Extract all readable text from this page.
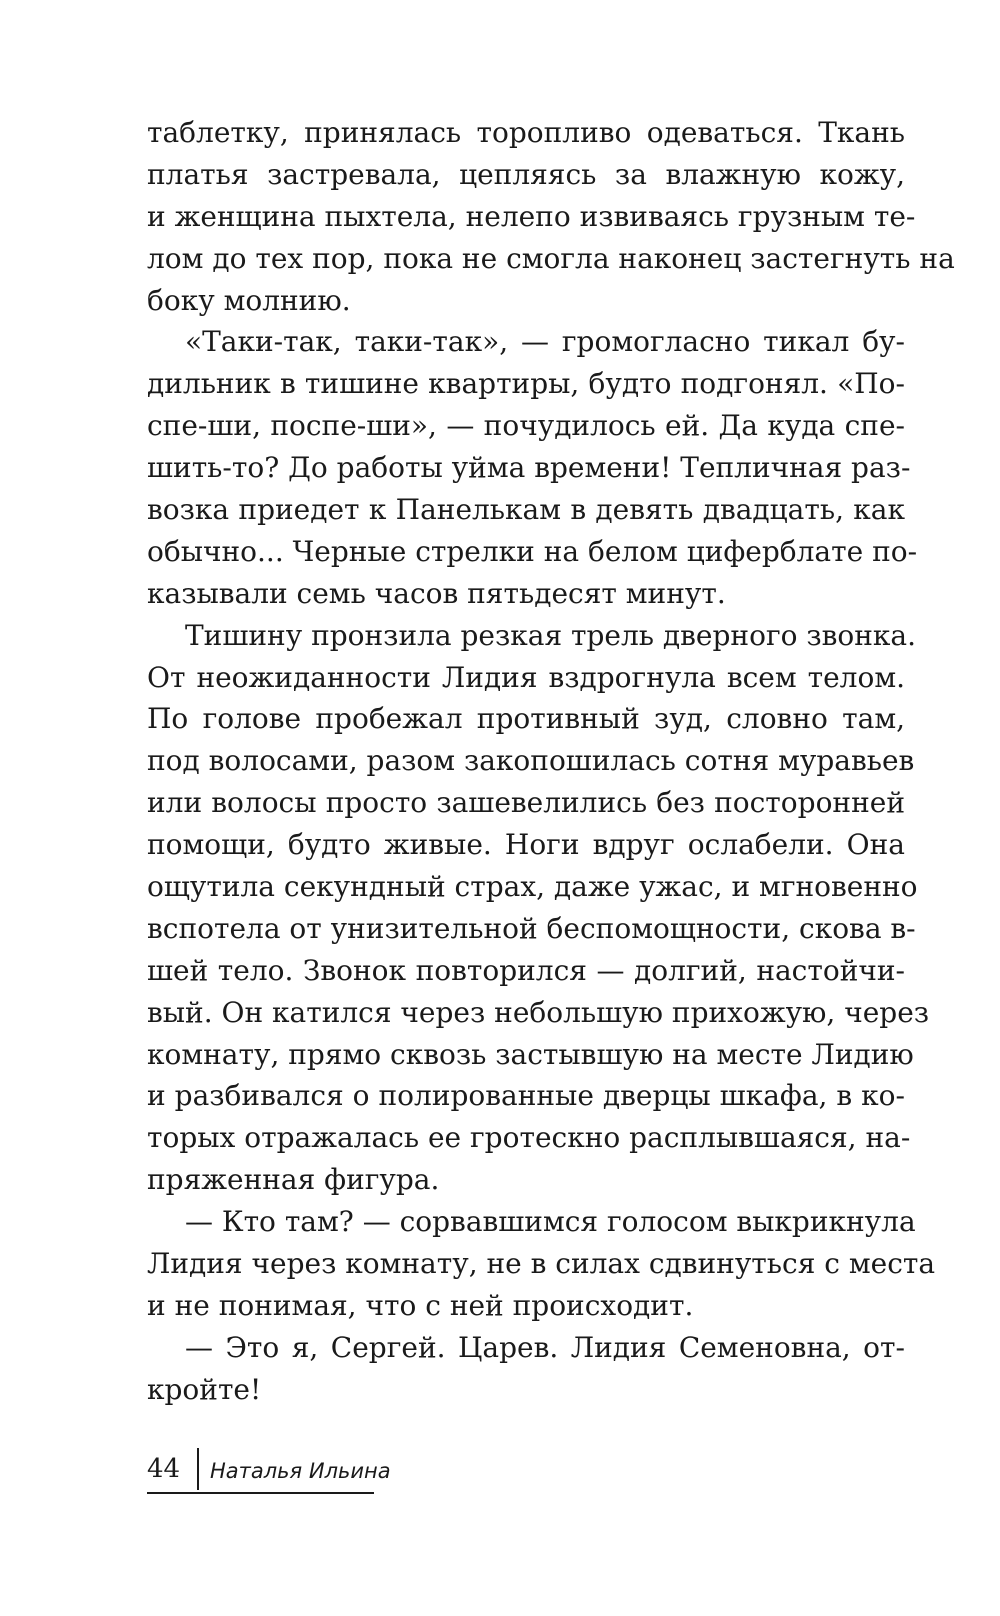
таблетку, принялась торопливо одеваться. Ткань
платья застревала, цепляясь за влажную кожу,
и женщина пыхтела, нелепо извиваясь грузным те-
лом до тех пор, пока не смогла наконец застегнуть на
боку молнию.
«Таки-так, таки-так», — громогласно тикал бу-
дильник в тишине квартиры, будто подгонял. «По-
спе-ши, поспе-ши», — почудилось ей. Да куда спе-
шить-то? До работы уйма времени! Тепличная раз-
возка приедет к Панелькам в девять двадцать, как
обычно... Черные стрелки на белом циферблате по-
казывали семь часов пятьдесят минут.
Тишину пронзила резкая трель дверного звонка.
От неожиданности Лидия вздрогнула всем телом.
По голове пробежал противный зуд, словно там,
под волосами, разом закопошилась сотня муравьев
или волосы просто зашевелились без посторонней
помощи, будто живые. Ноги вдруг ослабели. Она
ощутила секундный страх, даже ужас, и мгновенно
вспотела от унизительной беспомощности, скова в-
шей тело. Звонок повторился — долгий, настойчи-
вый. Он катился через небольшую прихожую, через
комнату, прямо сквозь застывшую на месте Лидию
и разбивался о полированные дверцы шкафа, в ко-
торых отражалась ее гротескно расплывшаяся, на-
пряженная фигура.
— Кто там? — сорвавшимся голосом выкрикнула
Лидия через комнату, не в силах сдвинуться с места
и не понимая, что с ней происходит.
— Это я, Сергей. Царев. Лидия Семеновна, от-
кройте!
44 Наталья Ильина
